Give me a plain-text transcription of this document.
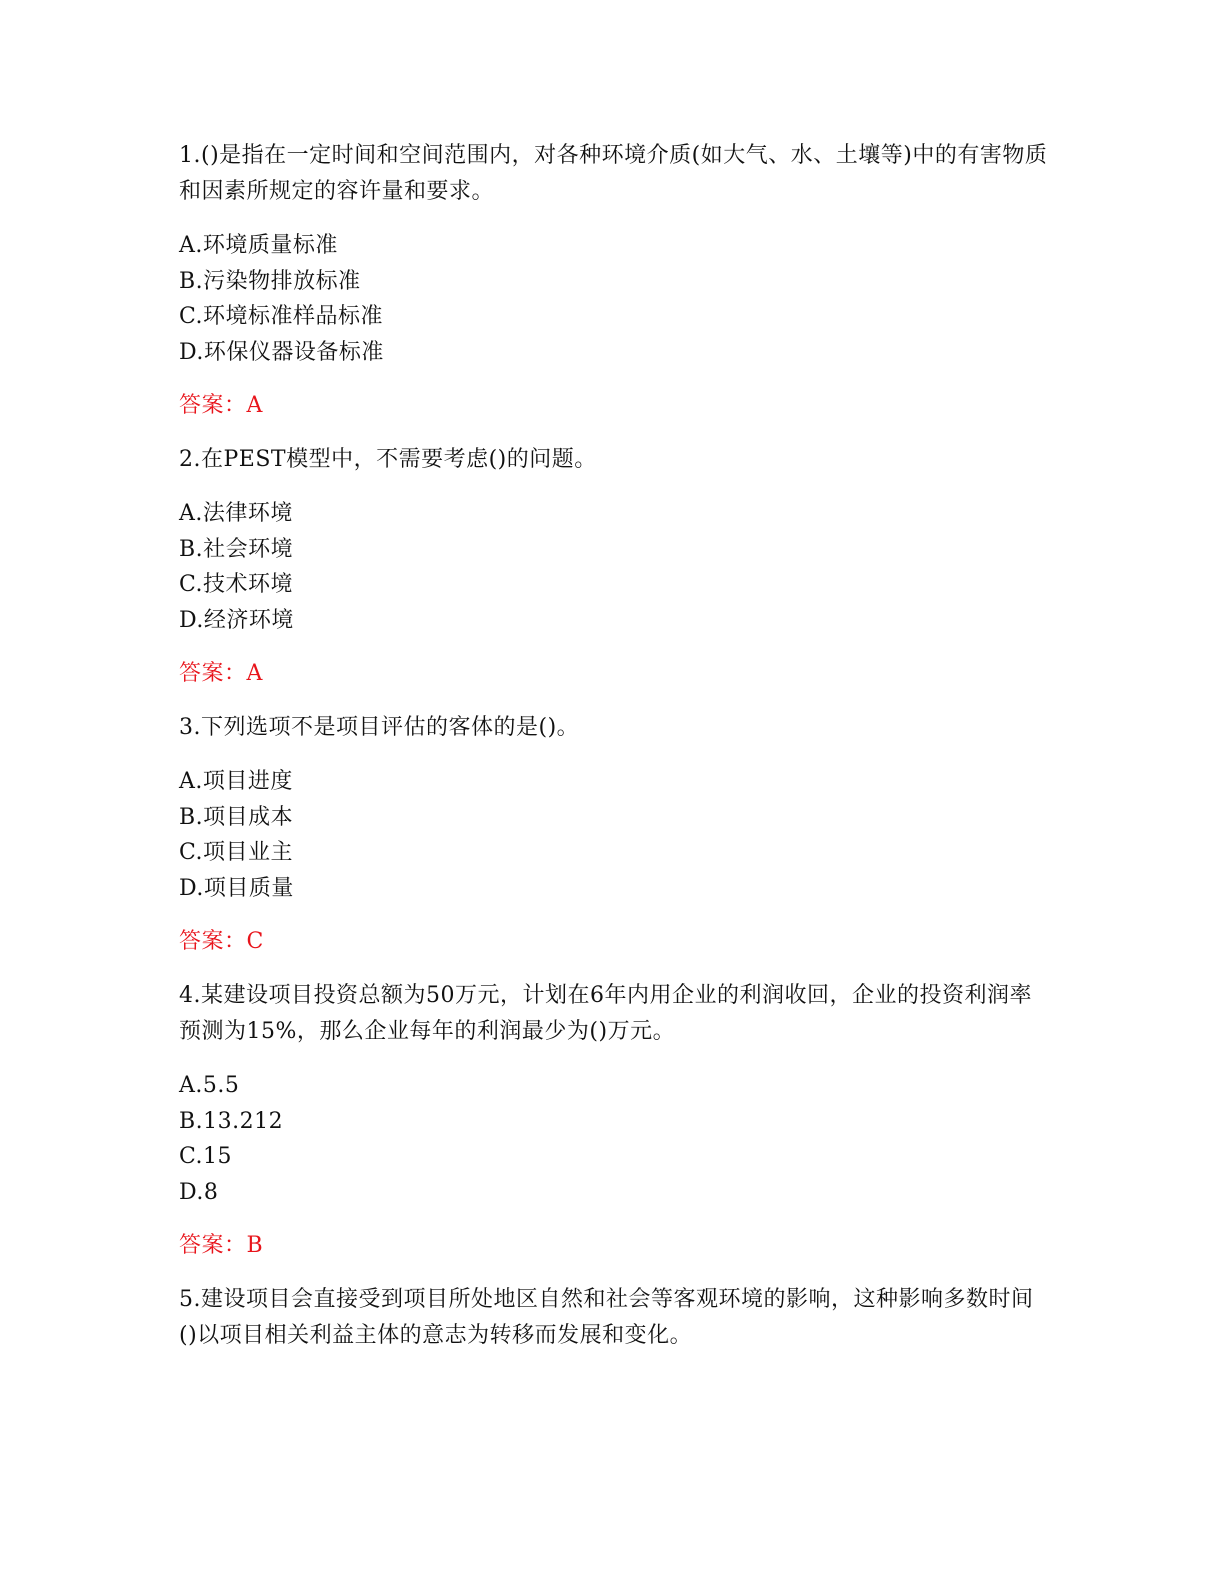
1.()是指在一定时间和空间范围内，对各种环境介质(如大气、水、土壤等)中的有害物质和因素所规定的容许量和要求。

A.环境质量标准
B.污染物排放标准
C.环境标准样品标准
D.环保仪器设备标准

答案：A

2.在PEST模型中，不需要考虑()的问题。

A.法律环境
B.社会环境
C.技术环境
D.经济环境

答案：A

3.下列选项不是项目评估的客体的是()。

A.项目进度
B.项目成本
C.项目业主
D.项目质量

答案：C

4.某建设项目投资总额为50万元，计划在6年内用企业的利润收回，企业的投资利润率预测为15%，那么企业每年的利润最少为()万元。

A.5.5
B.13.212
C.15
D.8

答案：B

5.建设项目会直接受到项目所处地区自然和社会等客观环境的影响，这种影响多数时间()以项目相关利益主体的意志为转移而发展和变化。
